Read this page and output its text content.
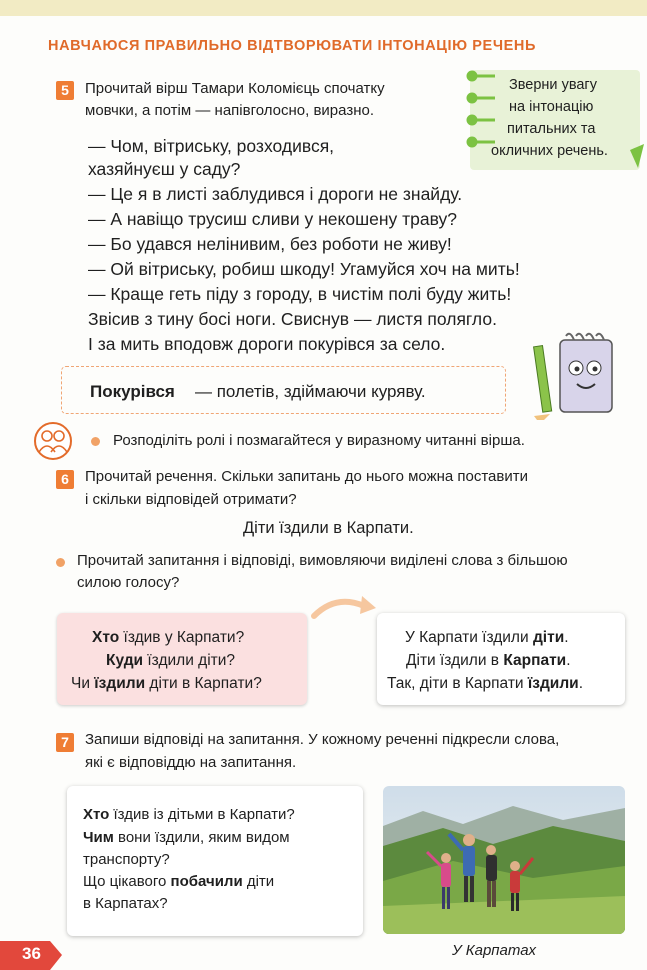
НАВЧАЮСЯ ПРАВИЛЬНО ВІДТВОРЮВАТИ ІНТОНАЦІЮ РЕЧЕНЬ
5	Прочитай вірш Тамари Коломієць спочатку
мовчки, а потім — напівголосно, виразно.
Зверни увагу
на інтонацію
питальних та
окличних речень.
— Чом, вітриську, розходився,
хазяйнуєш у саду?
— Це я в листі заблудився і дороги не знайду.
— А навіщо трусиш сливи у некошену траву?
— Бо удався нелінивим, без роботи не живу!
— Ой вітриську, робиш шкоду! Угамуйся хоч на мить!
— Краще геть піду з городу, в чистім полі буду жить!
Звісив з тину босі ноги. Свиснув — листя полягло.
І за мить вподовж дороги покурівся за село.
Покурівся — полетів, здіймаючи куряву.
Розподіліть ролі і позмагайтеся у виразному читанні вірша.
6	Прочитай речення. Скільки запитань до нього можна поставити
і скільки відповідей отримати?
Діти їздили в Карпати.
Прочитай запитання і відповіді, вимовляючи виділені слова з більшою
силою голосу?
Хто їздив у Карпати?
Куди їздили діти?
Чи їздили діти в Карпати?
У Карпати їздили діти.
Діти їздили в Карпати.
Так, діти в Карпати їздили.
7	Запиши відповіді на запитання. У кожному реченні підкресли слова,
які є відповіддю на запитання.
Хто їздив із дітьми в Карпати?
Чим вони їздили, яким видом
транспорту?
Що цікавого побачили діти
в Карпатах?
У Карпатах
36
